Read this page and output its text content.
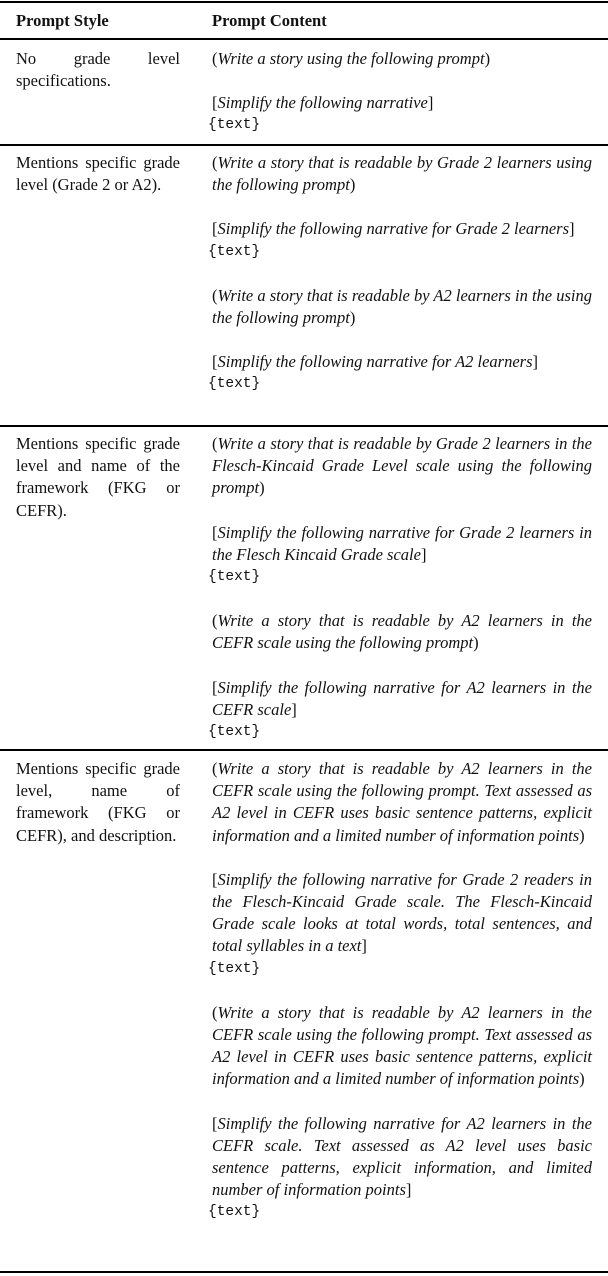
Prompt Style	Prompt Content
No grade level specifications.

(Write a story using the following prompt)

[Simplify the following narrative]
{text}

Mentions specific grade level (Grade 2 or A2).

(Write a story that is readable by Grade 2 learners using the following prompt)

[Simplify the following narrative for Grade 2 learners]
{text}

(Write a story that is readable by A2 learners in the using the following prompt)

[Simplify the following narrative for A2 learners]
{text}

Mentions specific grade level and name of the framework (FKG or CEFR).

(Write a story that is readable by Grade 2 learners in the Flesch-Kincaid Grade Level scale using the following prompt)

[Simplify the following narrative for Grade 2 learners in the Flesch Kincaid Grade scale]
{text}

(Write a story that is readable by A2 learners in the CEFR scale using the following prompt)

[Simplify the following narrative for A2 learners in the CEFR scale]
{text}

Mentions specific grade level, name of framework (FKG or CEFR), and description.

(Write a story that is readable by A2 learners in the CEFR scale using the following prompt. Text assessed as A2 level in CEFR uses basic sentence patterns, explicit information and a limited number of information points)

[Simplify the following narrative for Grade 2 readers in the Flesch-Kincaid Grade scale. The Flesch-Kincaid Grade scale looks at total words, total sentences, and total syllables in a text]
{text}

(Write a story that is readable by A2 learners in the CEFR scale using the following prompt. Text assessed as A2 level in CEFR uses basic sentence patterns, explicit information and a limited number of information points)

[Simplify the following narrative for A2 learners in the CEFR scale. Text assessed as A2 level uses basic sentence patterns, explicit information, and limited number of information points]
{text}
